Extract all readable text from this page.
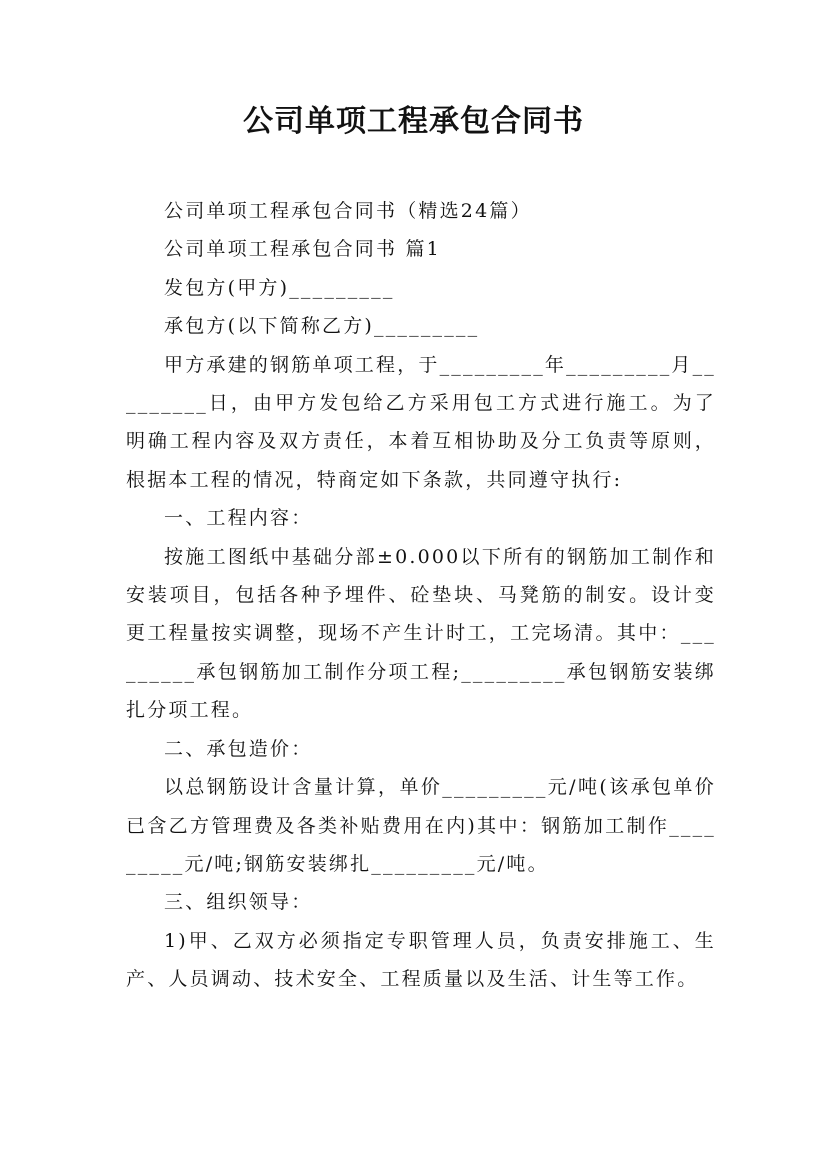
公司单项工程承包合同书

公司单项工程承包合同书（精选24篇）

公司单项工程承包合同书 篇1

发包方(甲方)_________

承包方(以下简称乙方)_________

甲方承建的钢筋单项工程，于_________年_________月_________日，由甲方发包给乙方采用包工方式进行施工。为了明确工程内容及双方责任，本着互相协助及分工负责等原则，根据本工程的情况，特商定如下条款，共同遵守执行:

一、工程内容：

按施工图纸中基础分部±0.000以下所有的钢筋加工制作和安装项目，包括各种予埋件、砼垫块、马凳筋的制安。设计变更工程量按实调整，现场不产生计时工，工完场清。其中：_________承包钢筋加工制作分项工程;_________承包钢筋安装绑扎分项工程。

二、承包造价：

以总钢筋设计含量计算，单价_________元/吨(该承包单价已含乙方管理费及各类补贴费用在内)其中：钢筋加工制作_________元/吨;钢筋安装绑扎_________元/吨。

三、组织领导：

1)甲、乙双方必须指定专职管理人员，负责安排施工、生产、人员调动、技术安全、工程质量以及生活、计生等工作。
